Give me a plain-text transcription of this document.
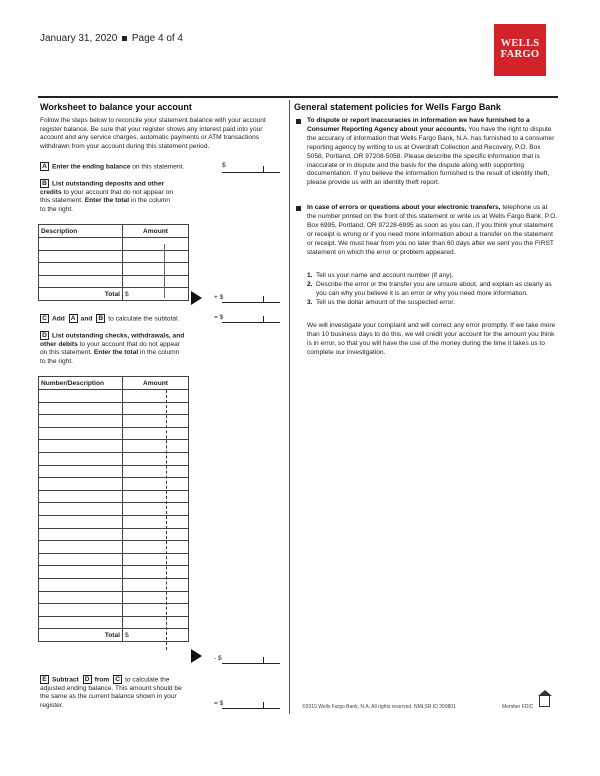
January 31, 2020 Page 4 of 4	WELLS
FARGO
Worksheet to balance your account
Follow the steps below to reconcile your statement balance with your account register balance. Be sure that your register shows any interest paid into your account and any service charges, automatic payments or ATM transactions withdrawn from your account during this statement period.
A Enter the ending balance on this statement.	$
B List outstanding deposits and other
credits to your account that do not appear on
this statement. Enter the total in the column
to the right.
Description	Amount

Total	$	+ $
C Add A and B to calculate the subtotal.	= $
D List outstanding checks, withdrawals, and
other debits to your account that do not appear
on this statement. Enter the total in the column
to the right.
Number/Description	Amount

Total	$
- $
E Subtract D from C to calculate the
adjusted ending balance. This amount should be
the same as the current balance shown in your
register.	= $
General statement policies for Wells Fargo Bank
To dispute or report inaccuracies in information we have furnished to a Consumer Reporting Agency about your accounts. You have the right to dispute the accuracy of information that Wells Fargo Bank, N.A. has furnished to a consumer reporting agency by writing to us at Overdraft Collection and Recovery, P.O. Box 5058, Portland, OR 97208-5058. Please describe the specific information that is inaccurate or in dispute and the basis for the dispute along with supporting documentation. If you believe the information furnished is the result of identity theft, please provide us with an identity theft report.
In case of errors or questions about your electronic transfers, telephone us at the number printed on the front of this statement or write us at Wells Fargo Bank, P.O. Box 6995, Portland, OR 97228-6995 as soon as you can, if you think your statement or receipt is wrong or if you need more information about a transfer on the statement or receipt. We must hear from you no later than 60 days after we sent you the FIRST statement on which the error or problem appeared.
1. Tell us your name and account number (if any).
2. Describe the error or the transfer you are unsure about, and explain as clearly as you can why you believe it is an error or why you need more information.
3. Tell us the dollar amount of the suspected error.
We will investigate your complaint and will correct any error promptly. If we take more than 10 business days to do this, we will credit your account for the amount you think is in error, so that you will have the use of the money during the time it takes us to complete our investigation.
©2010 Wells Fargo Bank, N.A. All rights reserved. NMLSR ID 399801	Member FDIC
